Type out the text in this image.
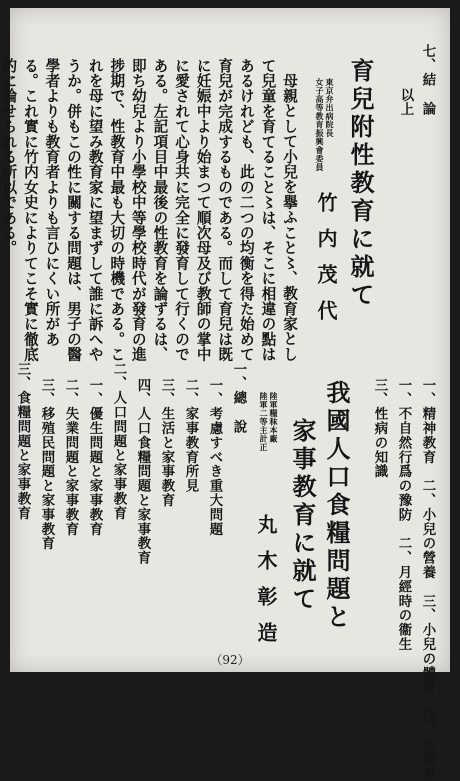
七、結　論
以上
育兒附性教育に就て
東京弁出病院長
女子高等教育振興會委員
竹内茂代

母親として小兒を擧ふこと〻、教育家として兒童を育てること〻は、そこに相違の點はあるけれども、此の二つの均衡を得た始めて育兒が完成するものである。而して育兒は既に妊娠中より始まつて順次母及び教師の掌中に愛されて心身共に完全に發育して行くのである。左記項目中最後の性教育を論ずるは、即ち幼兒より小學校中等學校時代が發育の進捗期で、性教育中最も大切の時機である。これを母に望み教育家に望まずして誰に訴へやうか。併もこの性に關する問題は、男子の醫學者よりも教育者よりも言ひにくい所がある。これ實に竹内女史によりてこそ實に徹底的に論せられる所以である。

一、精神教育　二、小兒の營養　三、小兒の體育　四、性教育
一、不自然行爲の豫防　二、月經時の衞生
三、性病の知識
我國人口食糧問題と
家事教育に就て
陸軍糧秣本廠
陸軍二等主計正
丸木彰造
一、總　說
一、考慮すべき重大問題
二、家事教育所見
三、生活と家事教育
四、人口食糧問題と家事教育
二、人口問題と家事教育
一、優生問題と家事教育
二、失業問題と家事教育
三、移殖民問題と家事教育
三、食糧問題と家事教育
（92）
